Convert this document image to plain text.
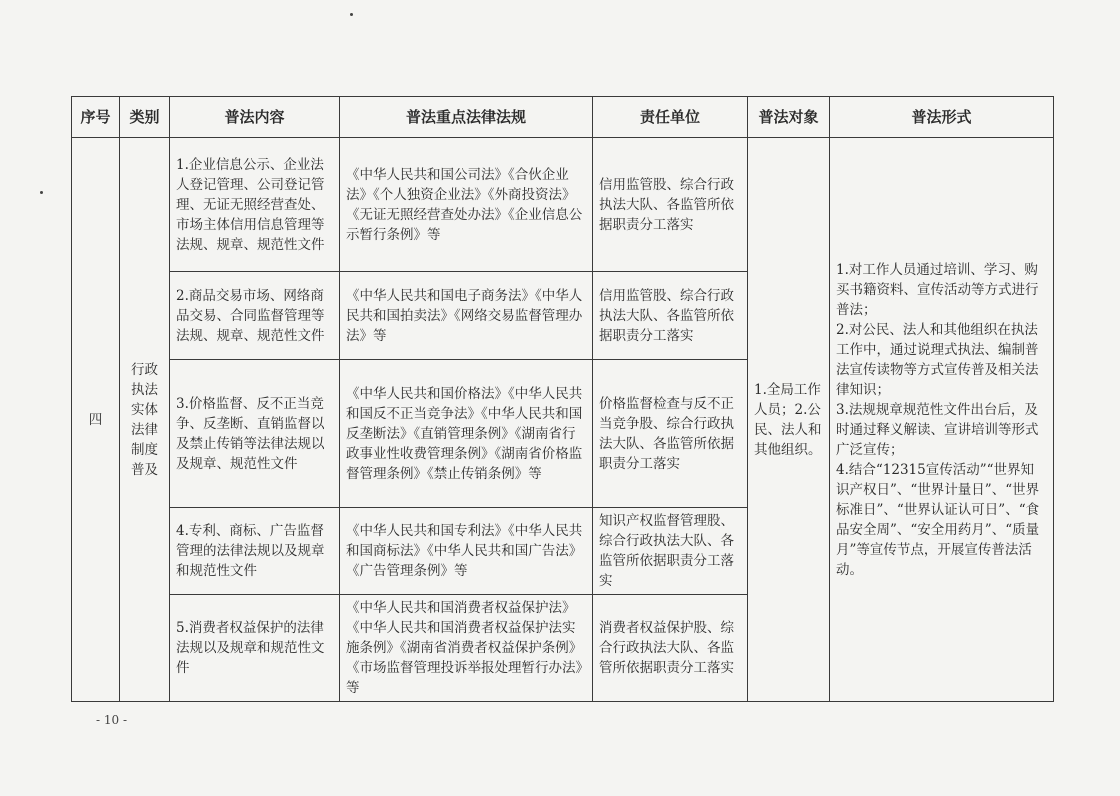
序号	类别	普法内容	普法重点法律法规	责任单位	普法对象	普法形式
四	行政执法实体法律制度普及	1.企业信息公示、企业法人登记管理、公司登记管理、无证无照经营查处、市场主体信用信息管理等法规、规章、规范性文件	《中华人民共和国公司法》《合伙企业法》《个人独资企业法》《外商投资法》《无证无照经营查处办法》《企业信息公示暂行条例》等	信用监管股、综合行政执法大队、各监管所依据职责分工落实	1.全局工作人员；2.公民、法人和其他组织。	1.对工作人员通过培训、学习、购买书籍资料、宣传活动等方式进行普法；
2.对公民、法人和其他组织在执法工作中，通过说理式执法、编制普法宣传读物等方式宣传普及相关法律知识；
3.法规规章规范性文件出台后，及时通过释义解读、宣讲培训等形式广泛宣传；
4.结合“12315宣传活动”“世界知识产权日”、“世界计量日”、“世界标准日”、“世界认证认可日”、“食品安全周”、“安全用药月”、“质量月”等宣传节点，开展宣传普法活动。

		2.商品交易市场、网络商品交易、合同监督管理等法规、规章、规范性文件	《中华人民共和国电子商务法》《中华人民共和国拍卖法》《网络交易监督管理办法》等	信用监管股、综合行政执法大队、各监管所依据职责分工落实		
		3.价格监督、反不正当竞争、反垄断、直销监督以及禁止传销等法律法规以及规章、规范性文件	《中华人民共和国价格法》《中华人民共和国反不正当竞争法》《中华人民共和国反垄断法》《直销管理条例》《湖南省行政事业性收费管理条例》《湖南省价格监督管理条例》《禁止传销条例》等	价格监督检查与反不正当竞争股、综合行政执法大队、各监管所依据职责分工落实		
		4.专利、商标、广告监督管理的法律法规以及规章和规范性文件	《中华人民共和国专利法》《中华人民共和国商标法》《中华人民共和国广告法》《广告管理条例》等	知识产权监督管理股、综合行政执法大队、各监管所依据职责分工落实		
		5.消费者权益保护的法律法规以及规章和规范性文件	《中华人民共和国消费者权益保护法》《中华人民共和国消费者权益保护法实施条例》《湖南省消费者权益保护条例》《市场监督管理投诉举报处理暂行办法》等	消费者权益保护股、综合行政执法大队、各监管所依据职责分工落实		
- 10 -
